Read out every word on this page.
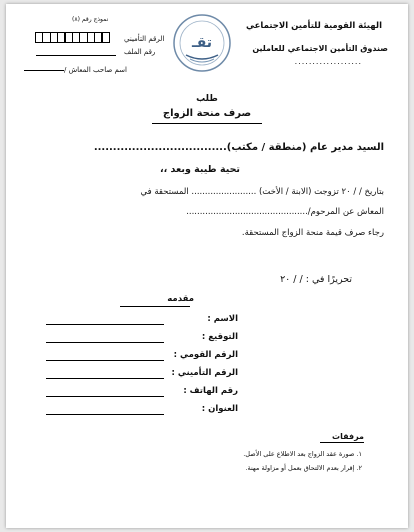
الهيئة القومية للتأمين الاجتماعي
صندوق التأمين الاجتماعي للعاملين
...................
تقـ
نموذج رقم (٨)
الرقم التأميني
رقم الملف
اسم صاحب المعاش /
طلب
صرف منحة الزواج
السيد مدير عام (منطقة / مكتب)...................................
تحية طيبة وبعد ،،
بتاريخ / / ٢٠ تزوجت (الابنة / الأخت) ........................ المستحقة في
المعاش عن المرحوم/.............................................
رجاء صرف قيمة منحة الزواج المستحقة.
تحريرًا في : / / ٢٠
مقدمه
الاسم :
التوقيع :
الرقم القومي :
الرقم التأميني :
رقم الهاتف :
العنوان :
مرفقات
١. صورة عقد الزواج بعد الاطلاع على الأصل.
٢. إقرار بعدم الالتحاق بعمل أو مزاولة مهنة.
